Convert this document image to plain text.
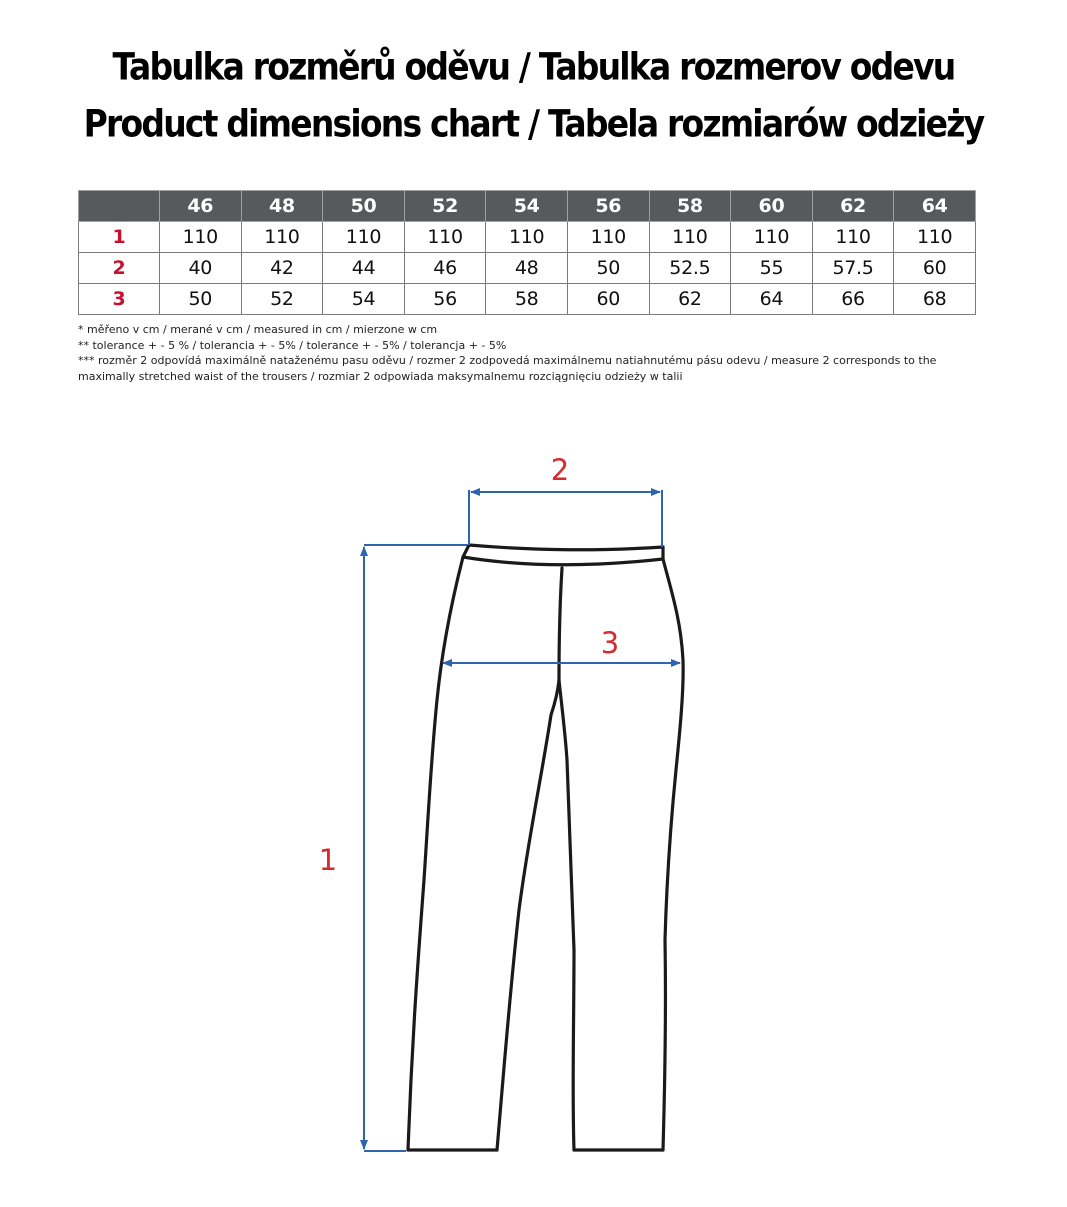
Tabulka rozměrů oděvu / Tabulka rozmerov odevu
Product dimensions chart / Tabela rozmiarów odzieży
	46	48	50	52	54	56	58	60	62	64
1	110	110	110	110	110	110	110	110	110	110
2	40	42	44	46	48	50	52.5	55	57.5	60
3	50	52	54	56	58	60	62	64	66	68
* měřeno v cm / merané v cm / measured in cm / mierzone w cm
** tolerance + - 5 % / tolerancia + - 5% / tolerance + - 5% / tolerancja + - 5%
*** rozměr 2 odpovídá maximálně nataženému pasu oděvu / rozmer 2 zodpovedá maximálnemu natiahnutému pásu odevu / measure 2 corresponds to the maximally stretched waist of the trousers / rozmiar 2 odpowiada maksymalnemu rozciągnięciu odzieży w talii
2
3
1
